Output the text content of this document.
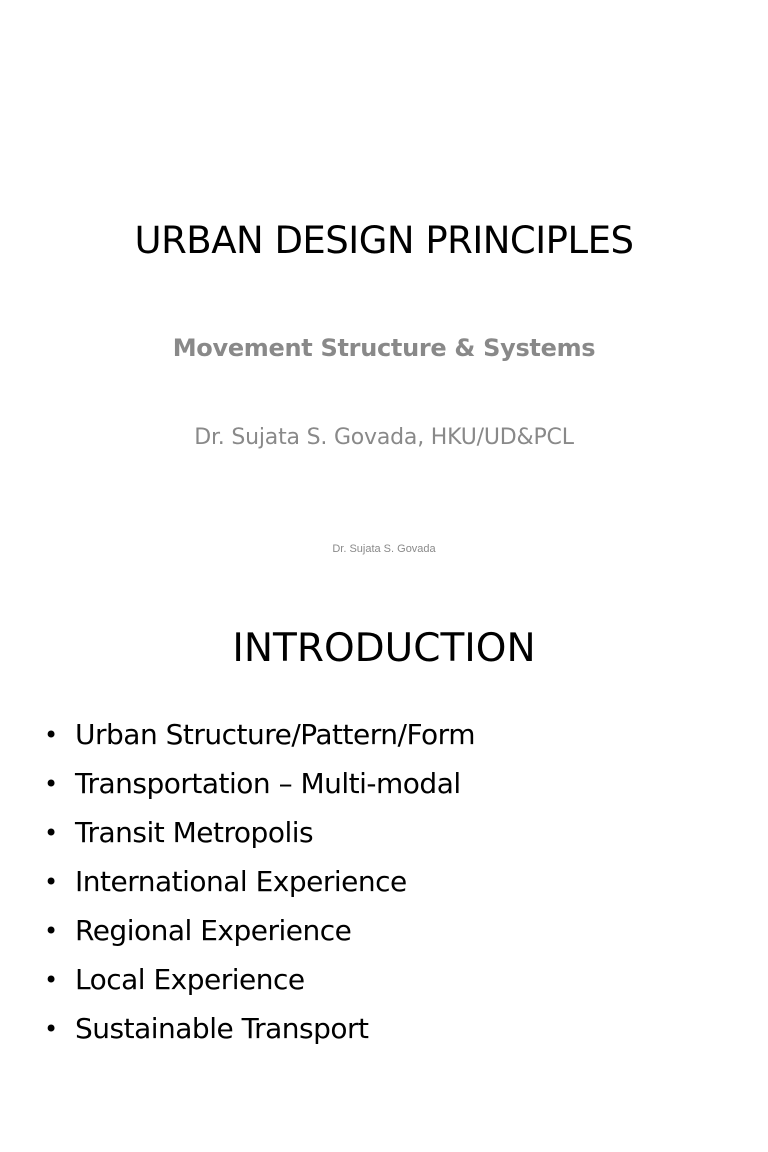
URBAN DESIGN PRINCIPLES
Movement Structure & Systems
Dr. Sujata S. Govada, HKU/UD&PCL
Dr. Sujata S. Govada
INTRODUCTION
• Urban Structure/Pattern/Form
• Transportation – Multi-modal
• Transit Metropolis
• International Experience
• Regional Experience
• Local Experience
• Sustainable Transport
